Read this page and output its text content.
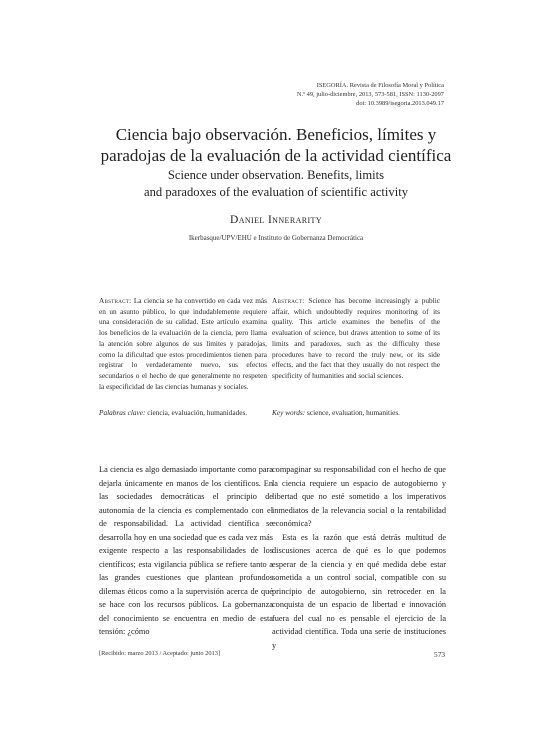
ISEGORÍA. Revista de Filosofía Moral y Política
N.º 49, julio-diciembre, 2013, 573-581, ISSN: 1130-2097
doi: 10.3989/isegoria.2013.049.17
Ciencia bajo observación. Beneficios, límites y
paradojas de la evaluación de la actividad científica
Science under observation. Benefits, limits
and paradoxes of the evaluation of scientific activity
Daniel Innerarity
Ikerbasque/UPV/EHU e Instituto de Gobernanza Democrática
Abstract: La ciencia se ha convertido en cada vez más en un asunto público, lo que indudablemente requiere una consideración de su calidad. Este artículo examina los beneficios de la evaluación de la ciencia, pero llama la atención sobre algunos de sus límites y paradojas, como la dificultad que estos procedimientos tienen para registrar lo verdaderamente nuevo, sus efectos secundarios o el hecho de que generalmente no respeten la especificidad de las ciencias humanas y sociales.
Abstract: Science has become increasingly a public affair, which undoubtedly requires monitoring of its quality. This article examines the benefits of the evaluation of science, but draws attention to some of its limits and paradoxes, such as the difficulty these procedures have to record the truly new, or its side effects, and the fact that they usually do not respect the specificity of humanities and social sciences.
Palabras clave: ciencia, evaluación, humanidades.	Key words: science, evaluation, humanities.

La ciencia es algo demasiado importante como para dejarla únicamente en manos de los científicos. En las sociedades democráticas el principio de autonomía de la ciencia es complementado con el de responsabilidad. La actividad científica se desarrolla hoy en una sociedad que es cada vez más exigente respecto a las responsabilidades de los científicos; esta vigilancia pública se refiere tanto a las grandes cuestiones que plantean profundos dilemas éticos como a la supervisión acerca de qué se hace con los recursos públicos. La gobernanza del conocimiento se encuentra en medio de esta tensión: ¿cómo

compaginar su responsabilidad con el hecho de que la ciencia requiere un espacio de autogobierno y libertad que no esté sometido a los imperativos inmediatos de la relevancia social o la rentabilidad económica?

Esta es la razón que está detrás multitud de discusiones acerca de qué es lo que podemos esperar de la ciencia y en qué medida debe estar sometida a un control social, compatible con su principio de autogobierno, sin retroceder en la conquista de un espacio de libertad e innovación fuera del cual no es pensable el ejercicio de la actividad científica. Toda una serie de instituciones y

[Recibido: marzo 2013 / Aceptado: junio 2013]	573
